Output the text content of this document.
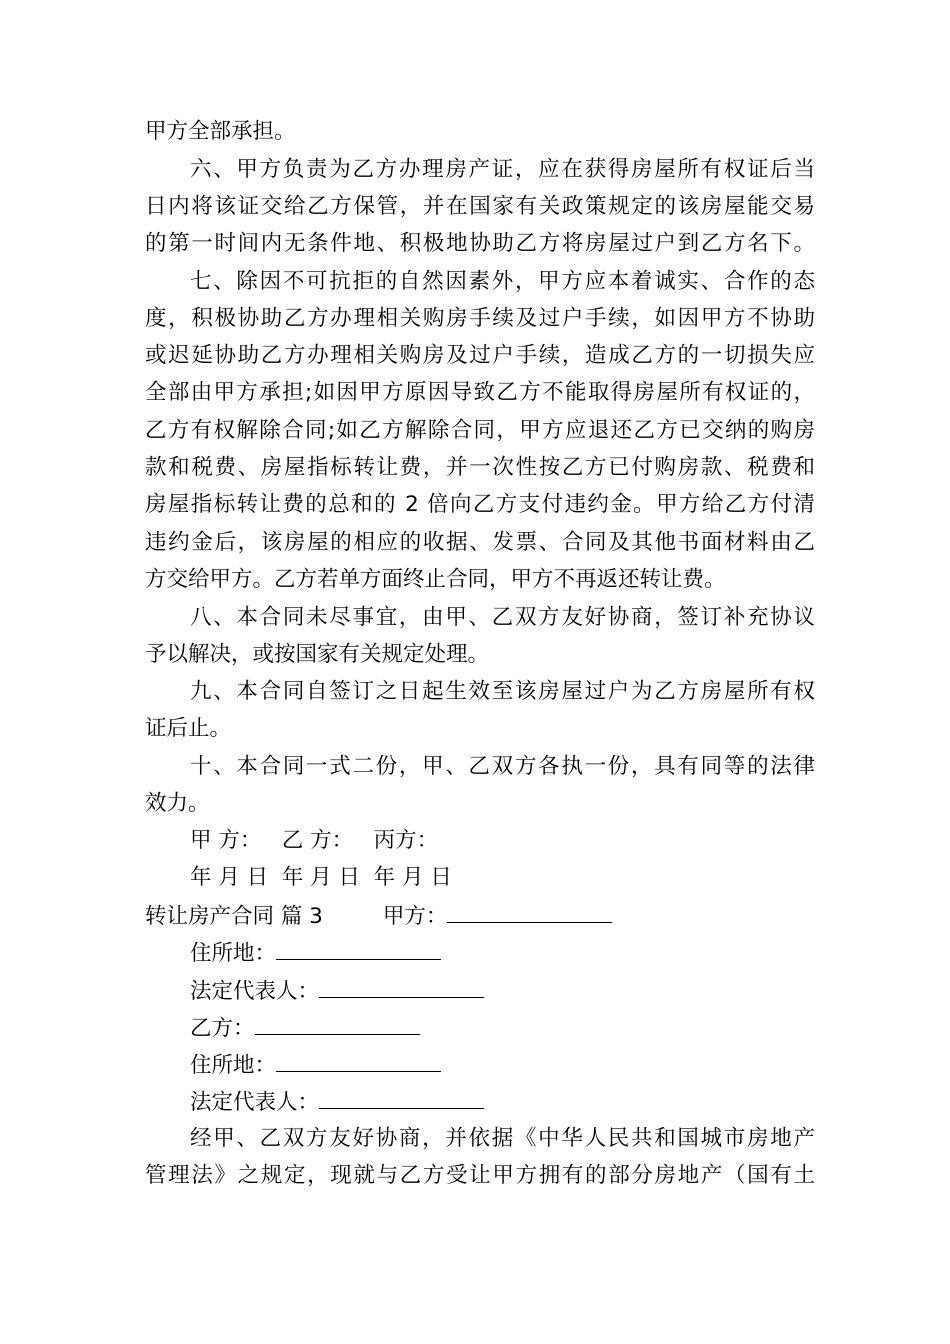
甲方全部承担。
六、甲方负责为乙方办理房产证，应在获得房屋所有权证后当
日内将该证交给乙方保管，并在国家有关政策规定的该房屋能交易
的第一时间内无条件地、积极地协助乙方将房屋过户到乙方名下。
七、除因不可抗拒的自然因素外，甲方应本着诚实、合作的态
度，积极协助乙方办理相关购房手续及过户手续，如因甲方不协助
或迟延协助乙方办理相关购房及过户手续，造成乙方的一切损失应
全部由甲方承担;如因甲方原因导致乙方不能取得房屋所有权证的，
乙方有权解除合同;如乙方解除合同，甲方应退还乙方已交纳的购房
款和税费、房屋指标转让费，并一次性按乙方已付购房款、税费和
房屋指标转让费的总和的 2 倍向乙方支付违约金。甲方给乙方付清
违约金后，该房屋的相应的收据、发票、合同及其他书面材料由乙
方交给甲方。乙方若单方面终止合同，甲方不再返还转让费。
八、本合同未尽事宜，由甲、乙双方友好协商，签订补充协议
予以解决，或按国家有关规定处理。
九、本合同自签订之日起生效至该房屋过户为乙方房屋所有权
证后止。
十、本合同一式二份，甲、乙双方各执一份，具有同等的法律
效力。
甲 方：   乙 方：   丙方：
年 月 日  年 月 日  年 月 日
转让房产合同 篇 3	甲方：
住所地：
法定代表人：
乙方：
住所地：
法定代表人：
经甲、乙双方友好协商，并依据《中华人民共和国城市房地产
管理法》之规定，现就与乙方受让甲方拥有的部分房地产（国有土
